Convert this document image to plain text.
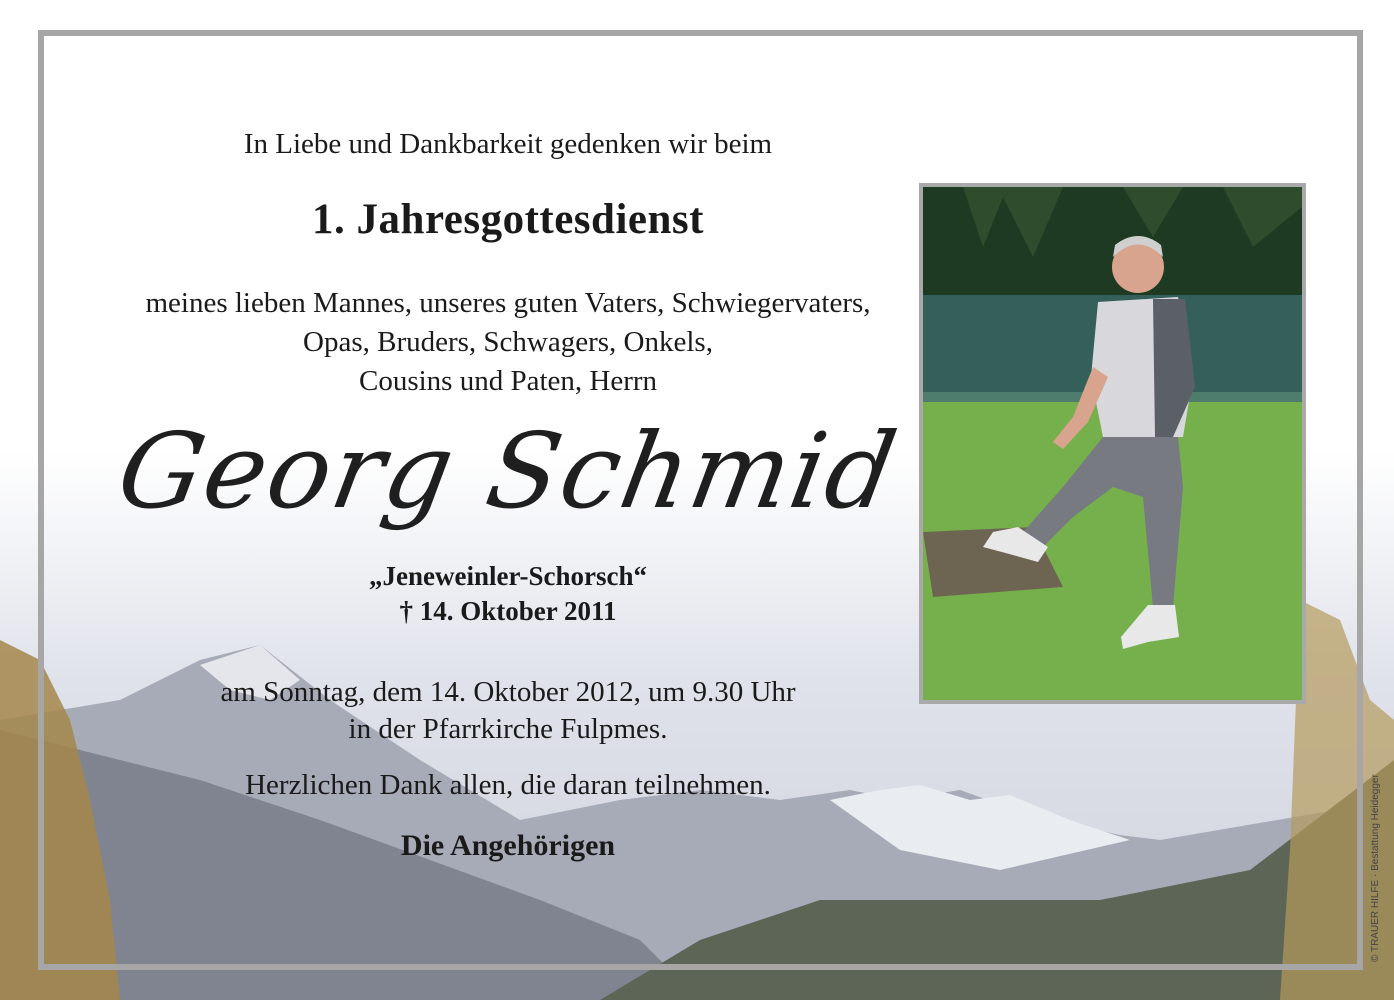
In Liebe und Dankbarkeit gedenken wir beim
1. Jahresgottesdienst
meines lieben Mannes, unseres guten Vaters, Schwiegervaters,
Opas, Bruders, Schwagers, Onkels,
Cousins und Paten, Herrn
Georg Schmid
„Jeneweinler-Schorsch“
† 14. Oktober 2011
am Sonntag, dem 14. Oktober 2012, um 9.30 Uhr
in der Pfarrkirche Fulpmes.
Herzlichen Dank allen, die daran teilnehmen.
Die Angehörigen	© TRAUER HILFE · Bestattung Heidegger
